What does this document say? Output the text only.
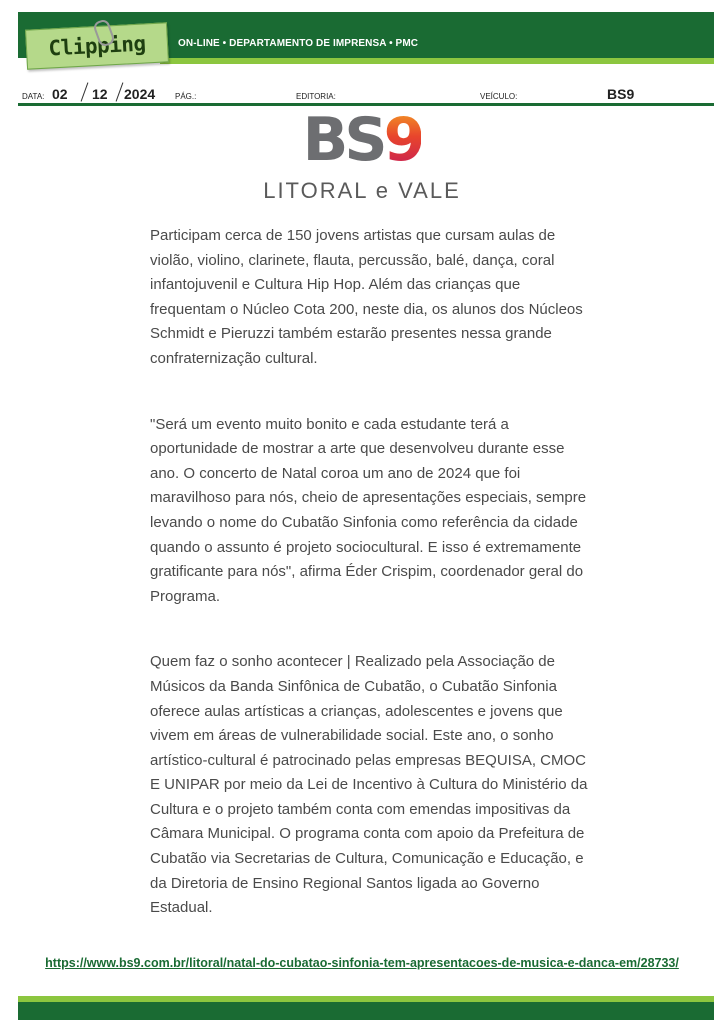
Clipping	ON-LINE • DEPARTAMENTO DE IMPRENSA • PMC
DATA: 02 12 2024 PÁG.:	EDITORIA:	VEÍCULO:	BS9
BS9
LITORAL e VALE

Participam cerca de 150 jovens artistas que cursam aulas de violão, violino, clarinete, flauta, percussão, balé, dança, coral infantojuvenil e Cultura Hip Hop. Além das crianças que frequentam o Núcleo Cota 200, neste dia, os alunos dos Núcleos Schmidt e Pieruzzi também estarão presentes nessa grande confraternização cultural.

"Será um evento muito bonito e cada estudante terá a oportunidade de mostrar a arte que desenvolveu durante esse ano. O concerto de Natal coroa um ano de 2024 que foi maravilhoso para nós, cheio de apresentações especiais, sempre levando o nome do Cubatão Sinfonia como referência da cidade quando o assunto é projeto sociocultural. E isso é extremamente gratificante para nós", afirma Éder Crispim, coordenador geral do Programa.

Quem faz o sonho acontecer | Realizado pela Associação de Músicos da Banda Sinfônica de Cubatão, o Cubatão Sinfonia oferece aulas artísticas a crianças, adolescentes e jovens que vivem em áreas de vulnerabilidade social. Este ano, o sonho artístico-cultural é patrocinado pelas empresas BEQUISA, CMOC E UNIPAR por meio da Lei de Incentivo à Cultura do Ministério da Cultura e o projeto também conta com emendas impositivas da Câmara Municipal. O programa conta com apoio da Prefeitura de Cubatão via Secretarias de Cultura, Comunicação e Educação, e da Diretoria de Ensino Regional Santos ligada ao Governo Estadual.

https://www.bs9.com.br/litoral/natal-do-cubatao-sinfonia-tem-apresentacoes-de-musica-e-danca-em/28733/
